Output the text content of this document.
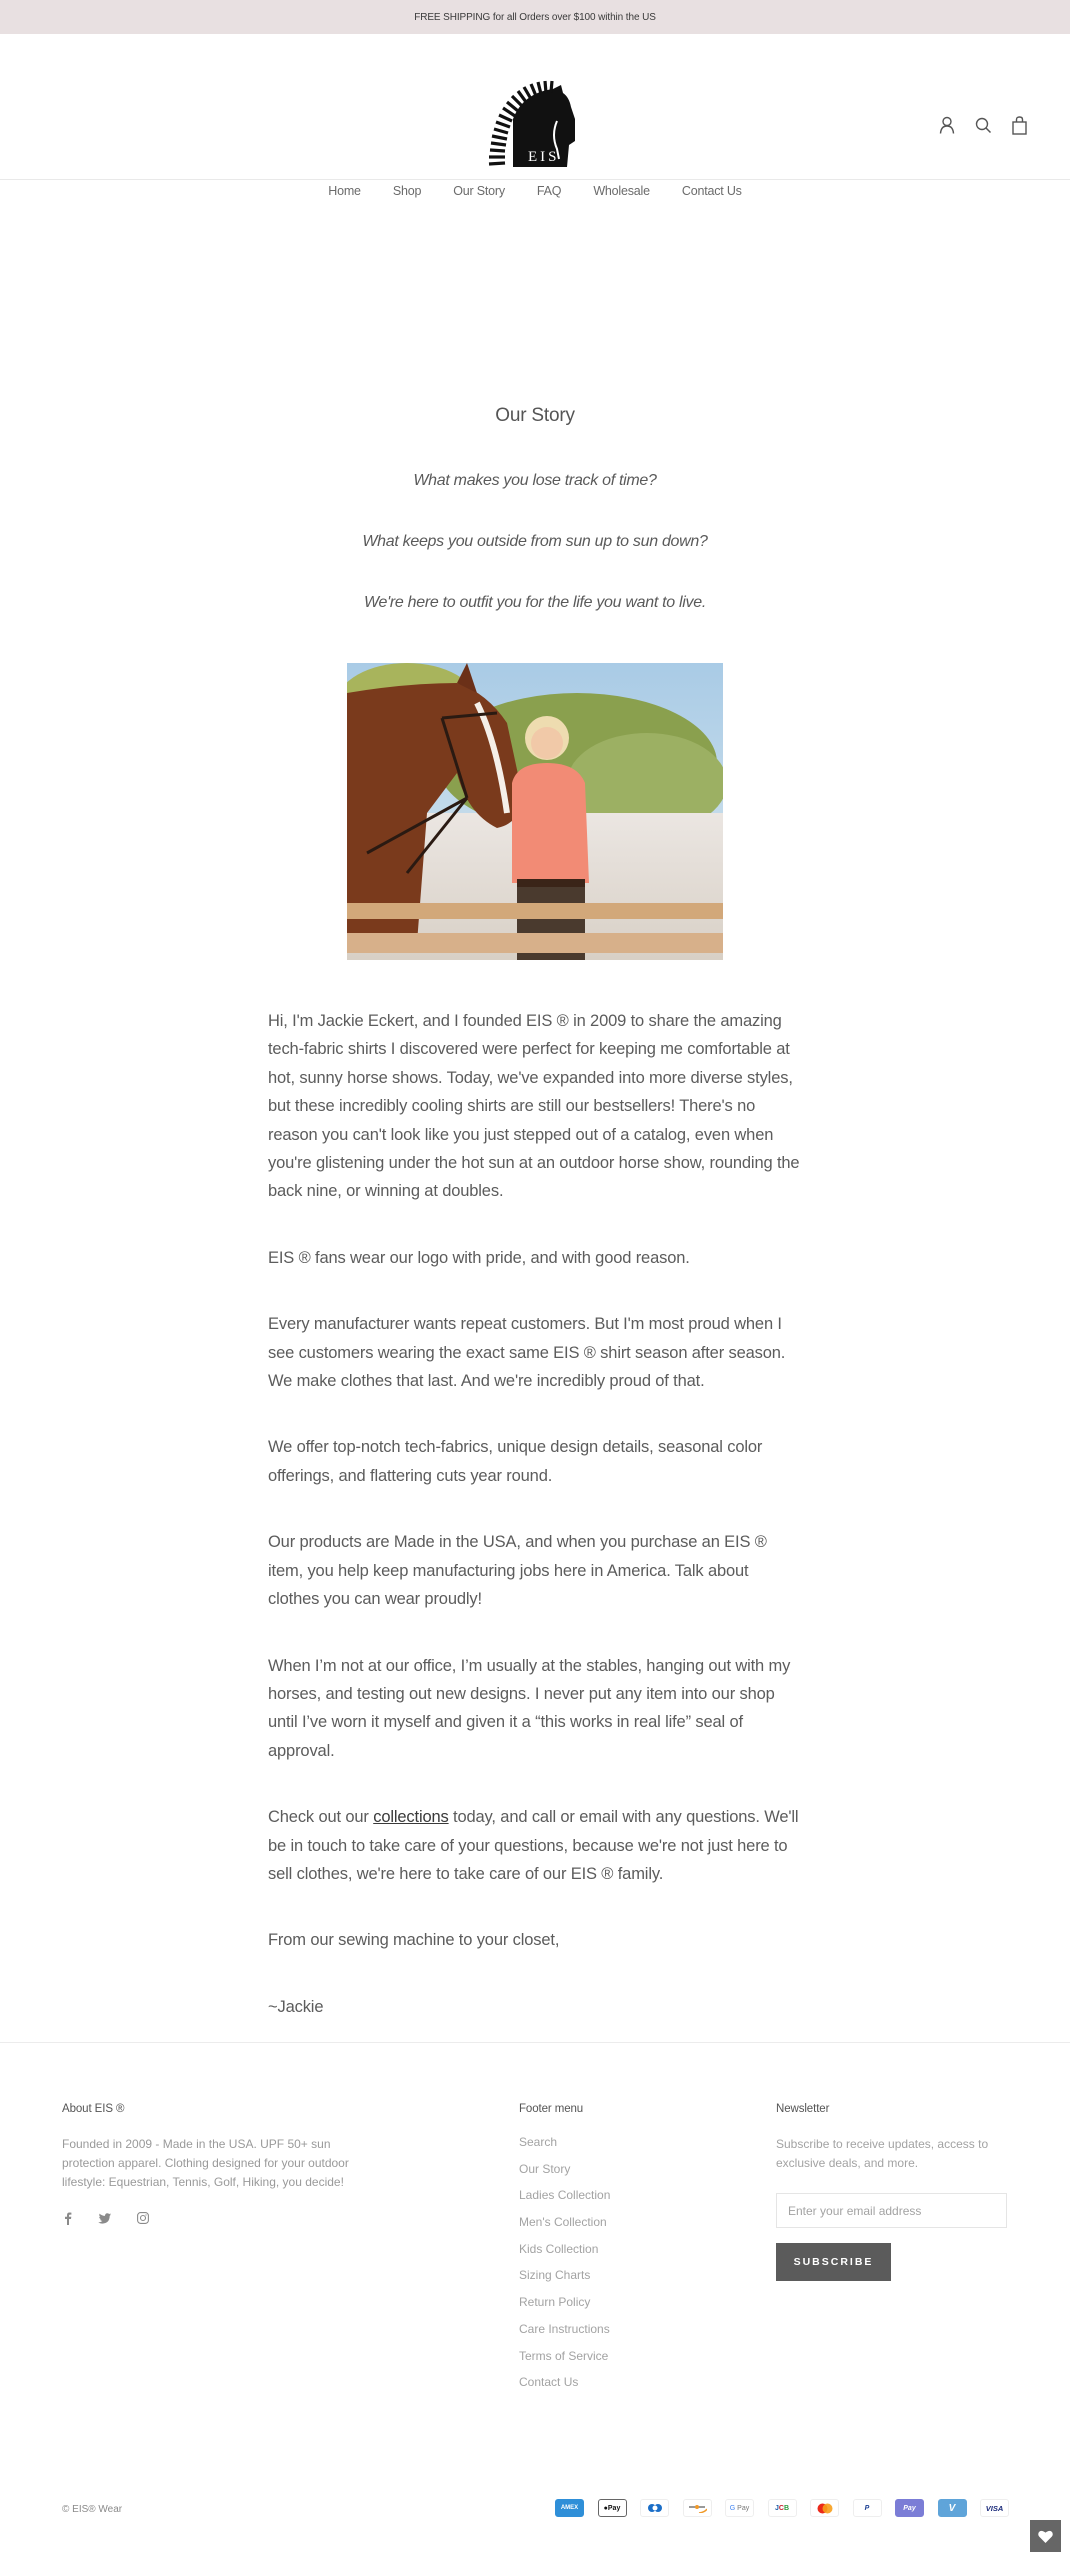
FREE SHIPPING for all Orders over $100 within the US
EIS
Home	Shop	Our Story	FAQ	Wholesale	Contact Us
Our Story
What makes you lose track of time?
What keeps you outside from sun up to sun down?
We're here to outfit you for the life you want to live.

Hi, I'm Jackie Eckert, and I founded EIS ® in 2009 to share the amazing tech-fabric shirts I discovered were perfect for keeping me comfortable at hot, sunny horse shows. Today, we've expanded into more diverse styles, but these incredibly cooling shirts are still our bestsellers! There's no reason you can't look like you just stepped out of a catalog, even when you're glistening under the hot sun at an outdoor horse show, rounding the back nine, or winning at doubles.

EIS ® fans wear our logo with pride, and with good reason.

Every manufacturer wants repeat customers. But I'm most proud when I see customers wearing the exact same EIS ® shirt season after season. We make clothes that last. And we're incredibly proud of that.

We offer top-notch tech-fabrics, unique design details, seasonal color offerings, and flattering cuts year round.

Our products are Made in the USA, and when you purchase an EIS ® item, you help keep manufacturing jobs here in America. Talk about clothes you can wear proudly!

When I’m not at our office, I’m usually at the stables, hanging out with my horses, and testing out new designs. I never put any item into our shop until I’ve worn it myself and given it a “this works in real life” seal of approval.

Check out our collections today, and call or email with any questions. We'll be in touch to take care of your questions, because we're not just here to sell clothes, we're here to take care of our EIS ® family.

From our sewing machine to your closet,

~Jackie

About EIS ®

Founded in 2009 - Made in the USA. UPF 50+ sun protection apparel. Clothing designed for your outdoor lifestyle: Equestrian, Tennis, Golf, Hiking, you decide!

Footer menu
Search
Our Story
Ladies Collection
Men's Collection
Kids Collection
Sizing Charts
Return Policy
Care Instructions
Terms of Service
Contact Us
Newsletter

Subscribe to receive updates, access to exclusive deals, and more.

Enter your email address SUBSCRIBE
© EIS® Wear	AMEX	●Pay	G Pay	J C B	P	Pay	V	VISA
